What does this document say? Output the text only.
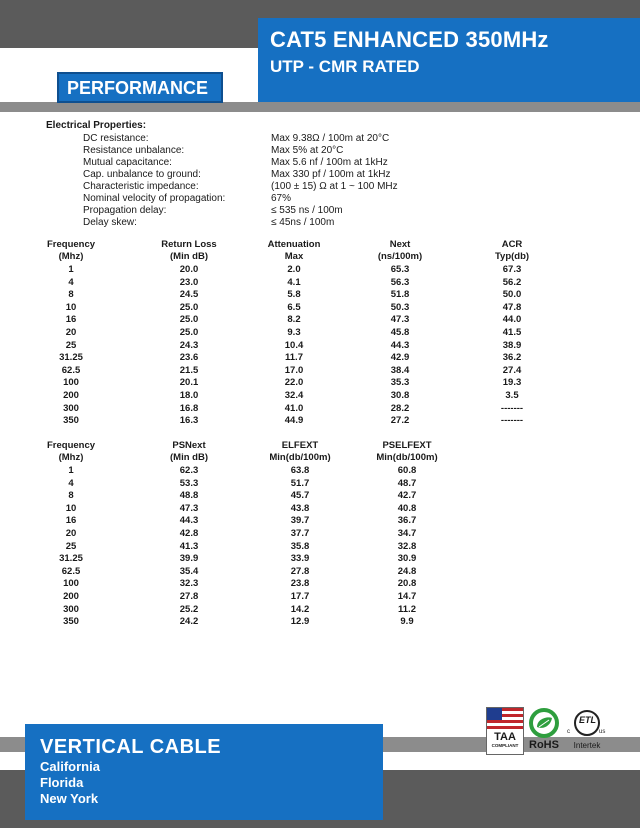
CAT5 ENHANCED 350MHz
UTP - CMR RATED
PERFORMANCE
Electrical Properties:
DC resistance:	Max 9.38Ω / 100m at 20°C
Resistance unbalance:	Max 5% at 20°C
Mutual capacitance:	Max 5.6 nf / 100m at 1kHz
Cap. unbalance to ground:	Max 330 pf / 100m at 1kHz
Characteristic impedance:	(100 ± 15) Ω at 1 ~ 100 MHz
Nominal velocity of propagation:	67%
Propagation delay:	≤ 535 ns / 100m
Delay skew:	≤ 45ns / 100m
Frequency	Return Loss	Attenuation	Next	ACR
(Mhz)	(Min dB)	Max	(ns/100m)	Typ(db)
1	20.0	2.0	65.3	67.3
4	23.0	4.1	56.3	56.2
8	24.5	5.8	51.8	50.0
10	25.0	6.5	50.3	47.8
16	25.0	8.2	47.3	44.0
20	25.0	9.3	45.8	41.5
25	24.3	10.4	44.3	38.9
31.25	23.6	11.7	42.9	36.2
62.5	21.5	17.0	38.4	27.4
100	20.1	22.0	35.3	19.3
200	18.0	32.4	30.8	3.5
300	16.8	41.0	28.2	-------
350	16.3	44.9	27.2	-------
Frequency	PSNext	ELFEXT	PSELFEXT
(Mhz)	(Min dB)	Min(db/100m)	Min(db/100m)
1	62.3	63.8	60.8
4	53.3	51.7	48.7
8	48.8	45.7	42.7
10	47.3	43.8	40.8
16	44.3	39.7	36.7
20	42.8	37.7	34.7
25	41.3	35.8	32.8
31.25	39.9	33.9	30.9
62.5	35.4	27.8	24.8
100	32.3	23.8	20.8
200	27.8	17.7	14.7
300	25.2	14.2	11.2
350	24.2	12.9	9.9
VERTICAL CABLE
California
Florida
New York
TAA
COMPLIANT RoHS
ETL
c	us
Intertek
